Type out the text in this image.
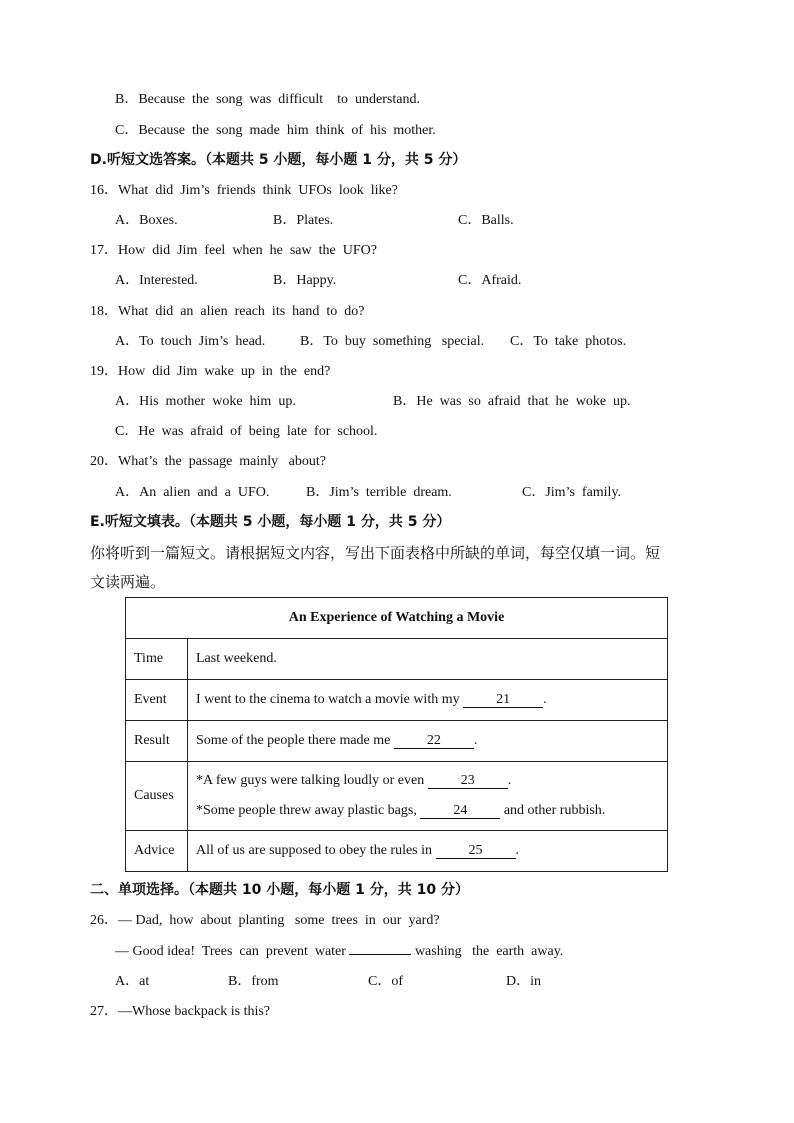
B．Because  the  song  was  difficult    to  understand.
C．Because  the  song  made  him  think  of  his  mother.
D.听短文选答案。（本题共 5 小题，每小题 1 分，共 5 分）
16．What  did  Jim’s  friends  think  UFOs  look  like?
A．Boxes.	B．Plates.	C．Balls.
17．How  did  Jim  feel  when  he  saw  the  UFO?
A．Interested.	B．Happy.	C．Afraid.
18．What  did  an  alien  reach  its  hand  to  do?
A．To  touch  Jim’s  head. B．To  buy  something   special. C．To  take  photos.
19．How  did  Jim  wake  up  in  the  end?
A．His  mother  woke  him  up.	B．He  was  so  afraid  that  he  woke  up.
C．He  was  afraid  of  being  late  for  school.
20．What’s  the  passage  mainly   about?
A．An  alien  and  a  UFO.	B．Jim’s  terrible  dream.	C．Jim’s  family.
E.听短文填表。（本题共 5 小题，每小题 1 分，共 5 分）
你将听到一篇短文。请根据短文内容，写出下面表格中所缺的单词，每空仅填一词。短
文读两遍。
An Experience of Watching a Movie	
Time	Last weekend.
Event	I went to the cinema to watch a movie with my 21 .
Result	Some of the people there made me 22 .
Causes	*A few guys were talking loudly or even 23 .
*Some people threw away plastic bags, 24 and other rubbish.

Advice	All of us are supposed to obey the rules in 25 .
二、单项选择。（本题共 10 小题，每小题 1 分，共 10 分）
26．— Dad,  how  about  planting   some  trees  in  our  yard?
— Good idea!  Trees  can  prevent  water	washing   the  earth  away.
A．at	B．from	C．of	D．in
27．—Whose backpack is this?
